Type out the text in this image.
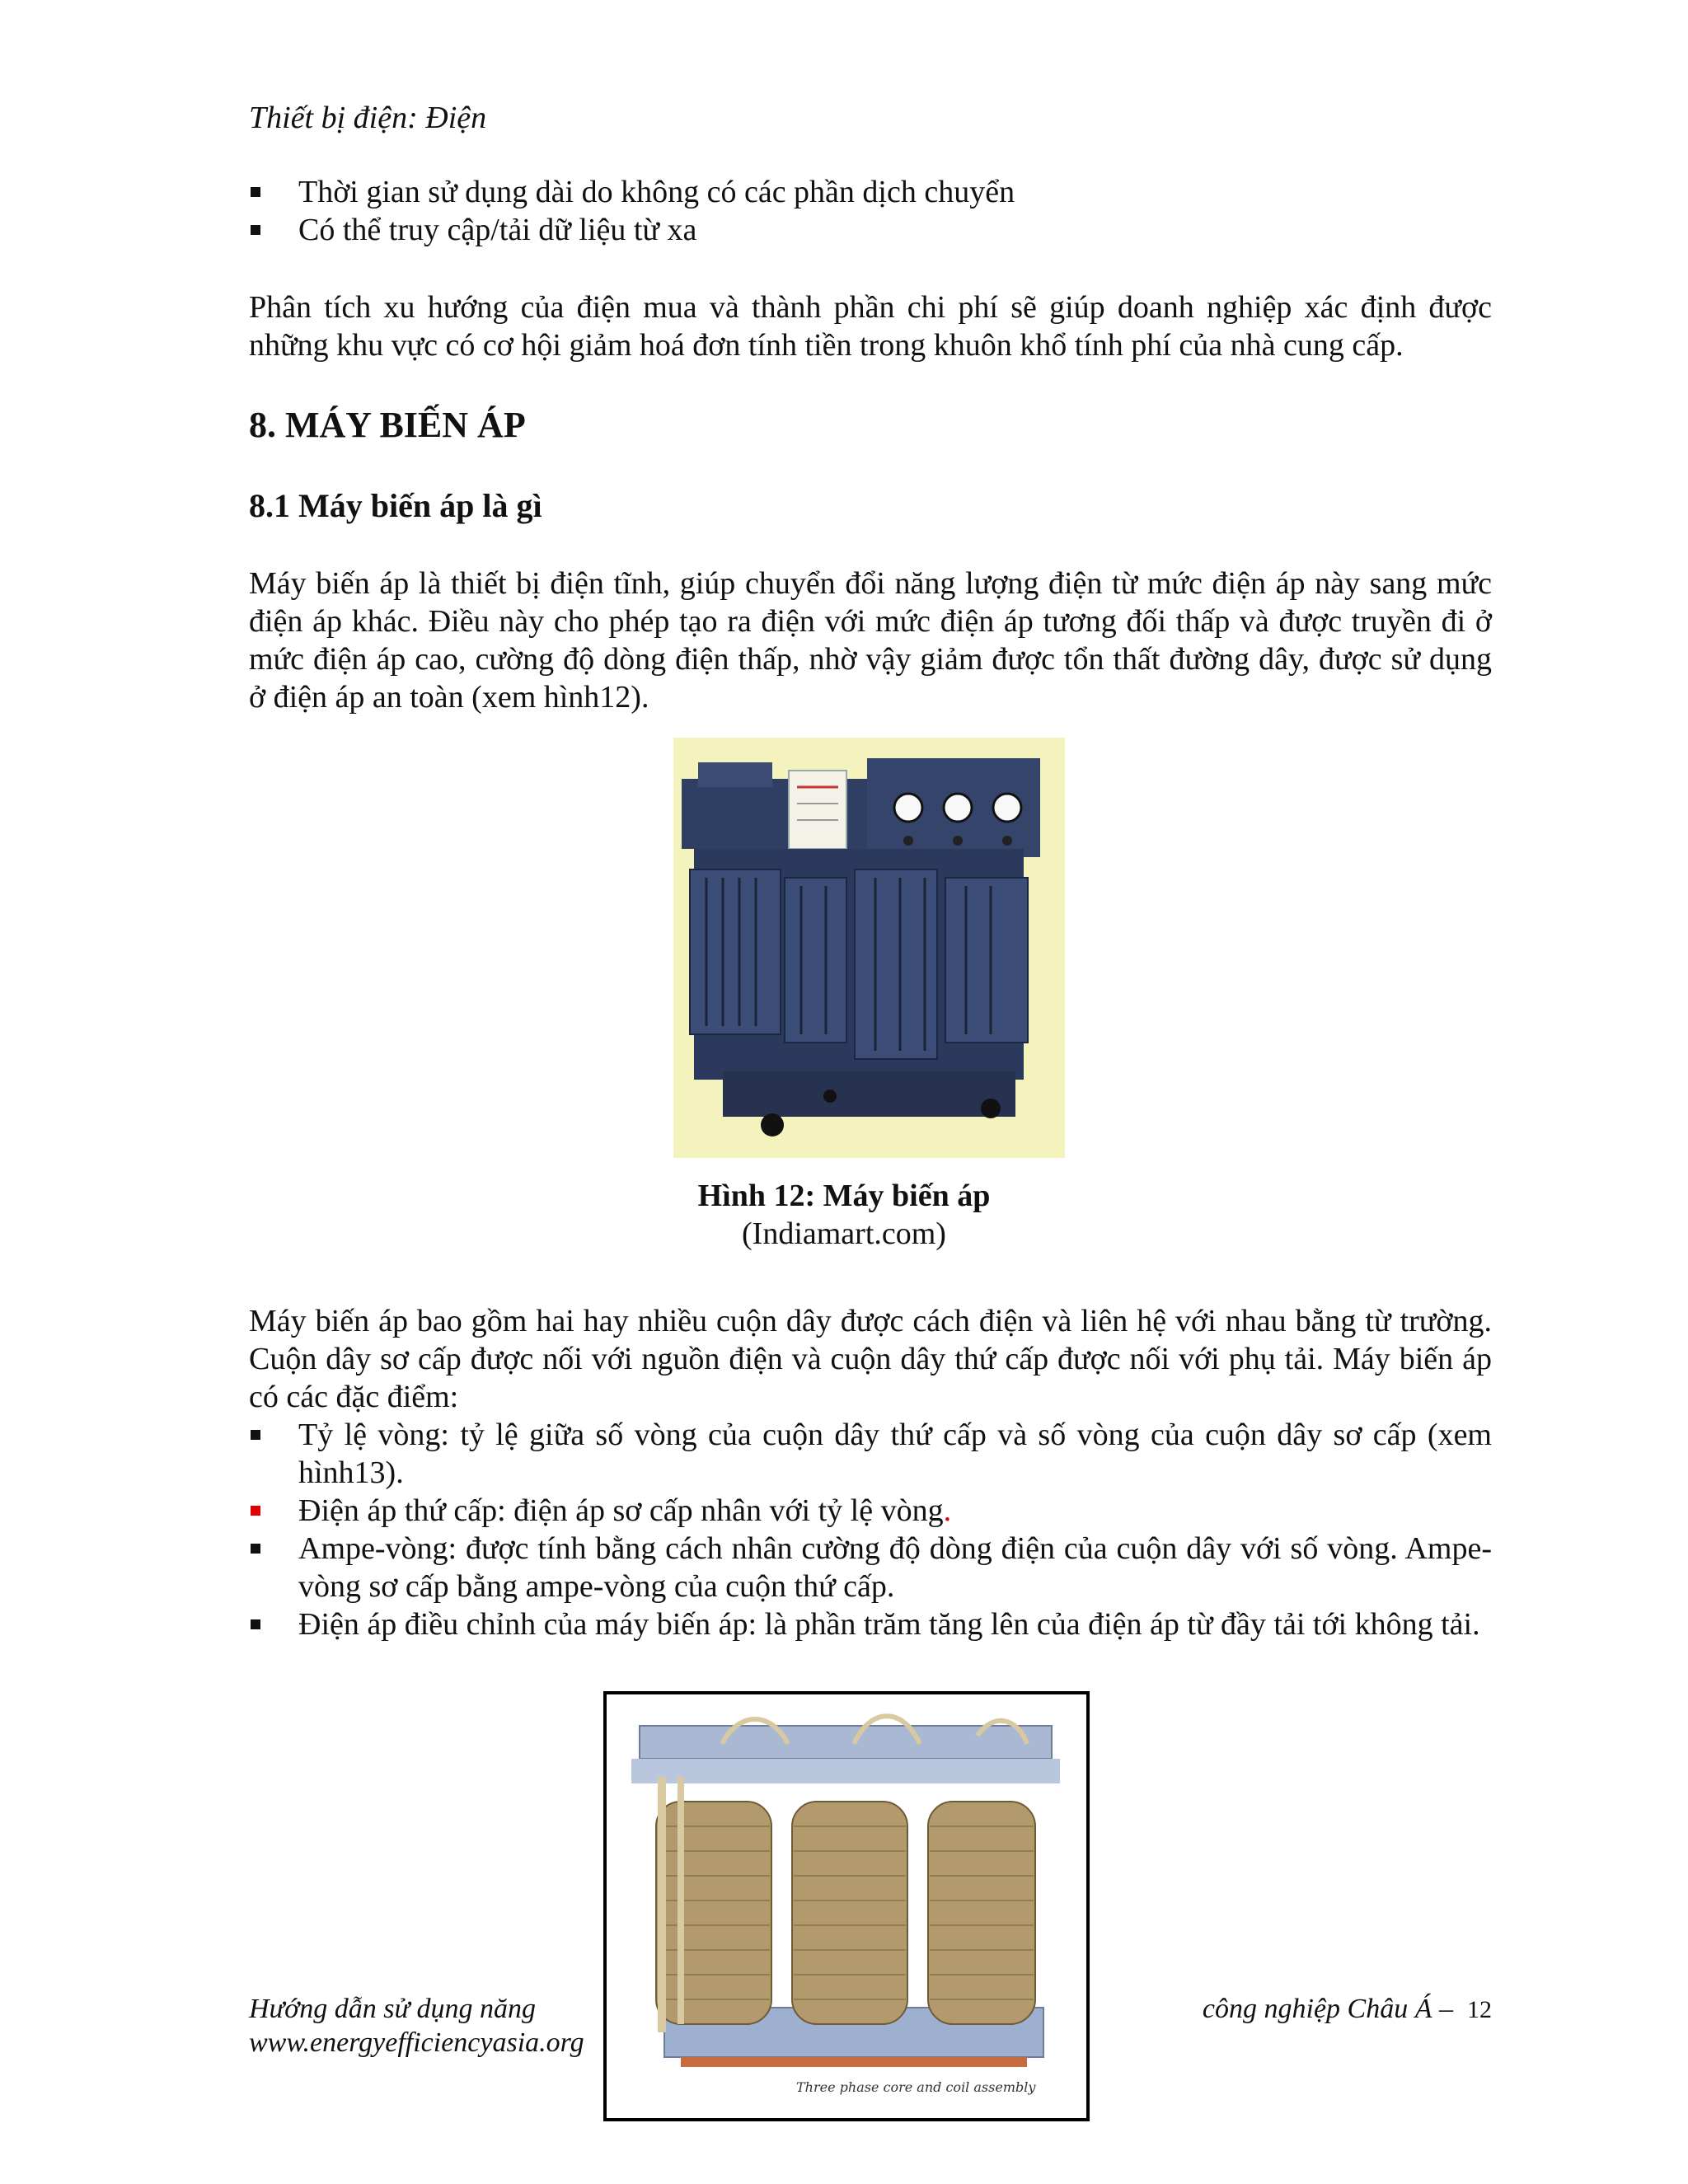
Thiết bị điện: Điện
Thời gian sử dụng dài do không có các phần dịch chuyển
Có thể truy cập/tải dữ liệu từ xa

Phân tích xu hướng của điện mua và thành phần chi phí sẽ giúp doanh nghiệp xác định được những khu vực có cơ hội giảm hoá đơn tính tiền trong khuôn khổ tính phí của nhà cung cấp.

8. MÁY BIẾN ÁP
8.1 Máy biến áp là gì

Máy biến áp là thiết bị điện tĩnh, giúp chuyển đổi năng lượng điện từ mức điện áp này sang mức điện áp khác. Điều này cho phép tạo ra điện với mức điện áp tương đối thấp và được truyền đi ở mức điện áp cao, cường độ dòng điện thấp, nhờ vậy giảm được tổn thất đường dây, được sử dụng ở điện áp an toàn (xem hình12).

Hình 12: Máy biến áp
(Indiamart.com)

Máy biến áp bao gồm hai hay nhiều cuộn dây được cách điện và liên hệ với nhau bằng từ trường. Cuộn dây sơ cấp được nối với nguồn điện và cuộn dây thứ cấp được nối với phụ tải. Máy biến áp có các đặc điểm:

Tỷ lệ vòng: tỷ lệ giữa số vòng của cuộn dây thứ cấp và số vòng của cuộn dây sơ cấp (xem hình13).
Điện áp thứ cấp: điện áp sơ cấp nhân với tỷ lệ vòng.
Ampe-vòng: được tính bằng cách nhân cường độ dòng điện của cuộn dây với số vòng. Ampe-vòng sơ cấp bằng ampe-vòng của cuộn thứ cấp.
Điện áp điều chỉnh của máy biến áp: là phần trăm tăng lên của điện áp từ đầy tải tới không tải.
Hướng dẫn sử dụng năng	công nghiệp Châu Á – 12
www.energyefficiencyasia.org
Three phase core and coil assembly
